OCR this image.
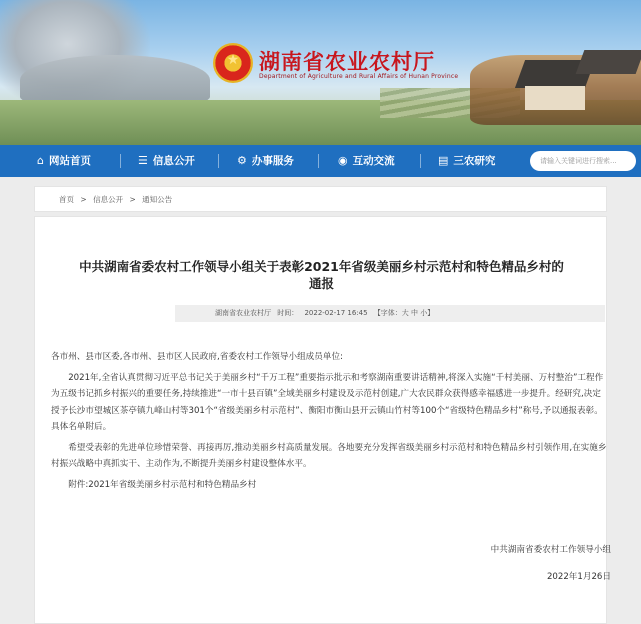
★ 湖南省农业农村厅
Department of Agriculture and Rural Affairs of Hunan Province
⌂ 网站首页	☰ 信息公开	⚙ 办事服务	◉ 互动交流	▤ 三农研究	请输入关键词进行搜索...
首页 > 信息公开 > 通知公告
中共湖南省委农村工作领导小组关于表彰2021年省级美丽乡村示范村和特色精品乡村的
通报
湖南省农业农村厅 时间： 2022-02-17 16:45 【字体：大 中 小】

各市州、县市区委,各市州、县市区人民政府,省委农村工作领导小组成员单位:

2021年,全省认真贯彻习近平总书记关于美丽乡村“千万工程”重要指示批示和考察湖南重要讲话精神,将深入实施“千村美丽、万村整治”工程作为五级书记抓乡村振兴的重要任务,持续推进“一市十县百镇”全域美丽乡村建设及示范村创建,广大农民群众获得感幸福感进一步提升。经研究,决定授予长沙市望城区茶亭镇九峰山村等301个“省级美丽乡村示范村”、衡阳市衡山县开云镇山竹村等100个“省级特色精品乡村”称号,予以通报表彰。具体名单附后。

希望受表彰的先进单位珍惜荣誉、再接再厉,推动美丽乡村高质量发展。各地要充分发挥省级美丽乡村示范村和特色精品乡村引领作用,在实施乡村振兴战略中真抓实干、主动作为,不断提升美丽乡村建设整体水平。

附件:2021年省级美丽乡村示范村和特色精品乡村

中共湖南省委农村工作领导小组
2022年1月26日
